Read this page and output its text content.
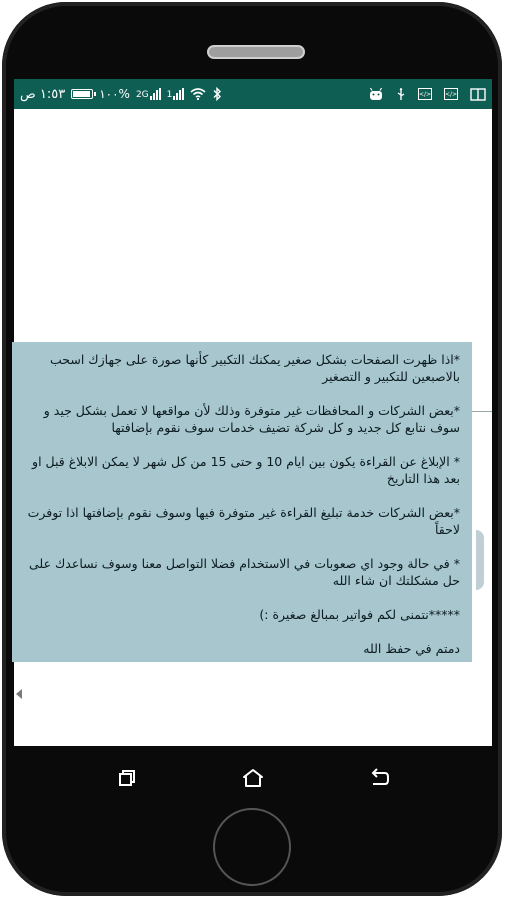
١:٥٣ ص	%١٠٠ 2G 1	</> </>

*اذا ظهرت الصفحات بشكل صغير يمكنك التكبير كأنها صورة على جهازك اسحب بالاصبعين للتكبير و التصغير

*بعض الشركات و المحافظات غير متوفرة وذلك لأن مواقعها لا تعمل بشكل جيد و سوف نتابع كل جديد و كل شركة تضيف خدمات سوف نقوم بإضافتها

* الإبلاغ عن القراءة يكون بين ايام 10 و حتى 15 من كل شهر لا يمكن الابلاغ قبل او بعد هذا التاريخ

*بعض الشركات خدمة تبليغ القراءة غير متوفرة فيها وسوف نقوم بإضافتها اذا توفرت لاحقاً

* في حالة وجود اي صعوبات في الاستخدام فضلا التواصل معنا وسوف نساعدك على حل مشكلتك ان شاء الله

*****نتمنى لكم فواتير بمبالغ صغيرة :)

دمتم في حفظ الله
